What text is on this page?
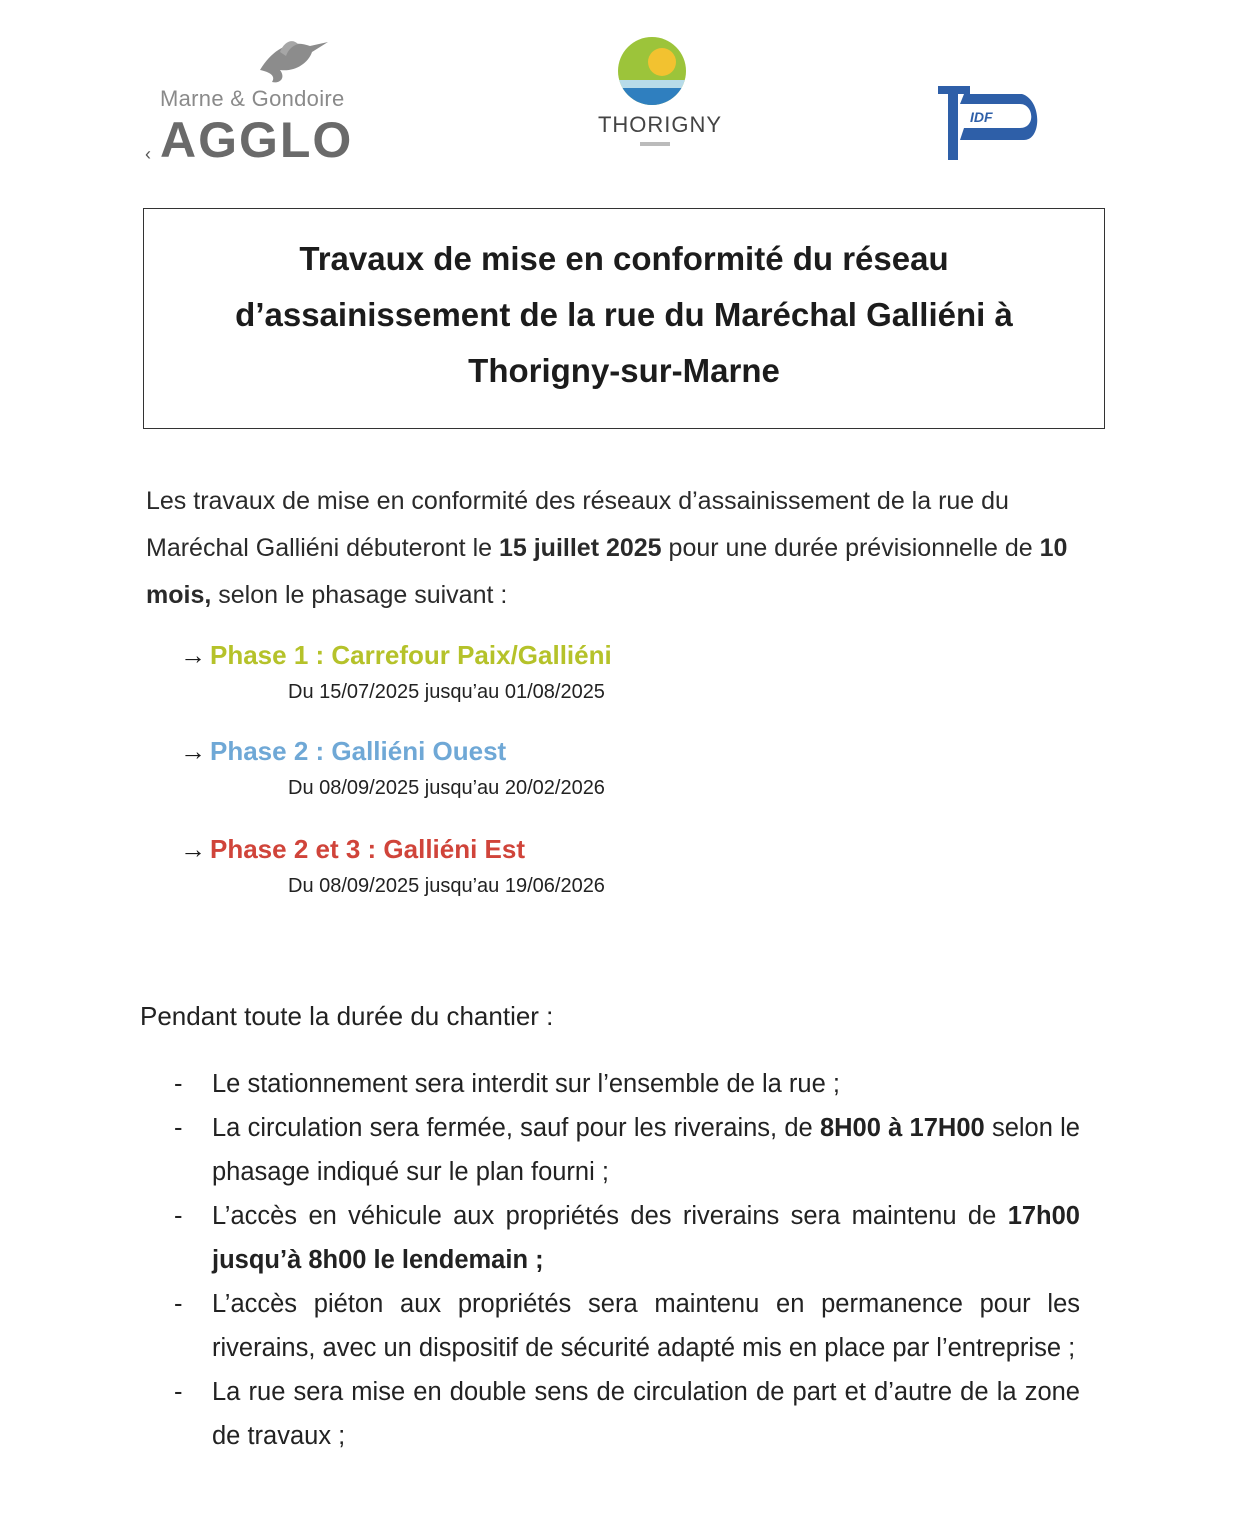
Marne & Gondoire
‹ AGGLO	THORIGNY	IDF
Travaux de mise en conformité du réseau d’assainissement de la rue du Maréchal Galliéni à Thorigny-sur-Marne

Les travaux de mise en conformité des réseaux d’assainissement de la rue du Maréchal Galliéni débuteront le 15 juillet 2025 pour une durée prévisionnelle de 10 mois, selon le phasage suivant :

→ Phase 1 : Carrefour Paix/Galliéni
Du 15/07/2025 jusqu’au 01/08/2025
→ Phase 2 : Galliéni Ouest
Du 08/09/2025 jusqu’au 20/02/2026
→ Phase 2 et 3 : Galliéni Est
Du 08/09/2025 jusqu’au 19/06/2026
Pendant toute la durée du chantier :
- Le stationnement sera interdit sur l’ensemble de la rue ;
- La circulation sera fermée, sauf pour les riverains, de 8H00 à 17H00 selon le phasage indiqué sur le plan fourni ;
- L’accès en véhicule aux propriétés des riverains sera maintenu de 17h00 jusqu’à 8h00 le lendemain ;
- L’accès piéton aux propriétés sera maintenu en permanence pour les riverains, avec un dispositif de sécurité adapté mis en place par l’entreprise ;
- La rue sera mise en double sens de circulation de part et d’autre de la zone de travaux ;
